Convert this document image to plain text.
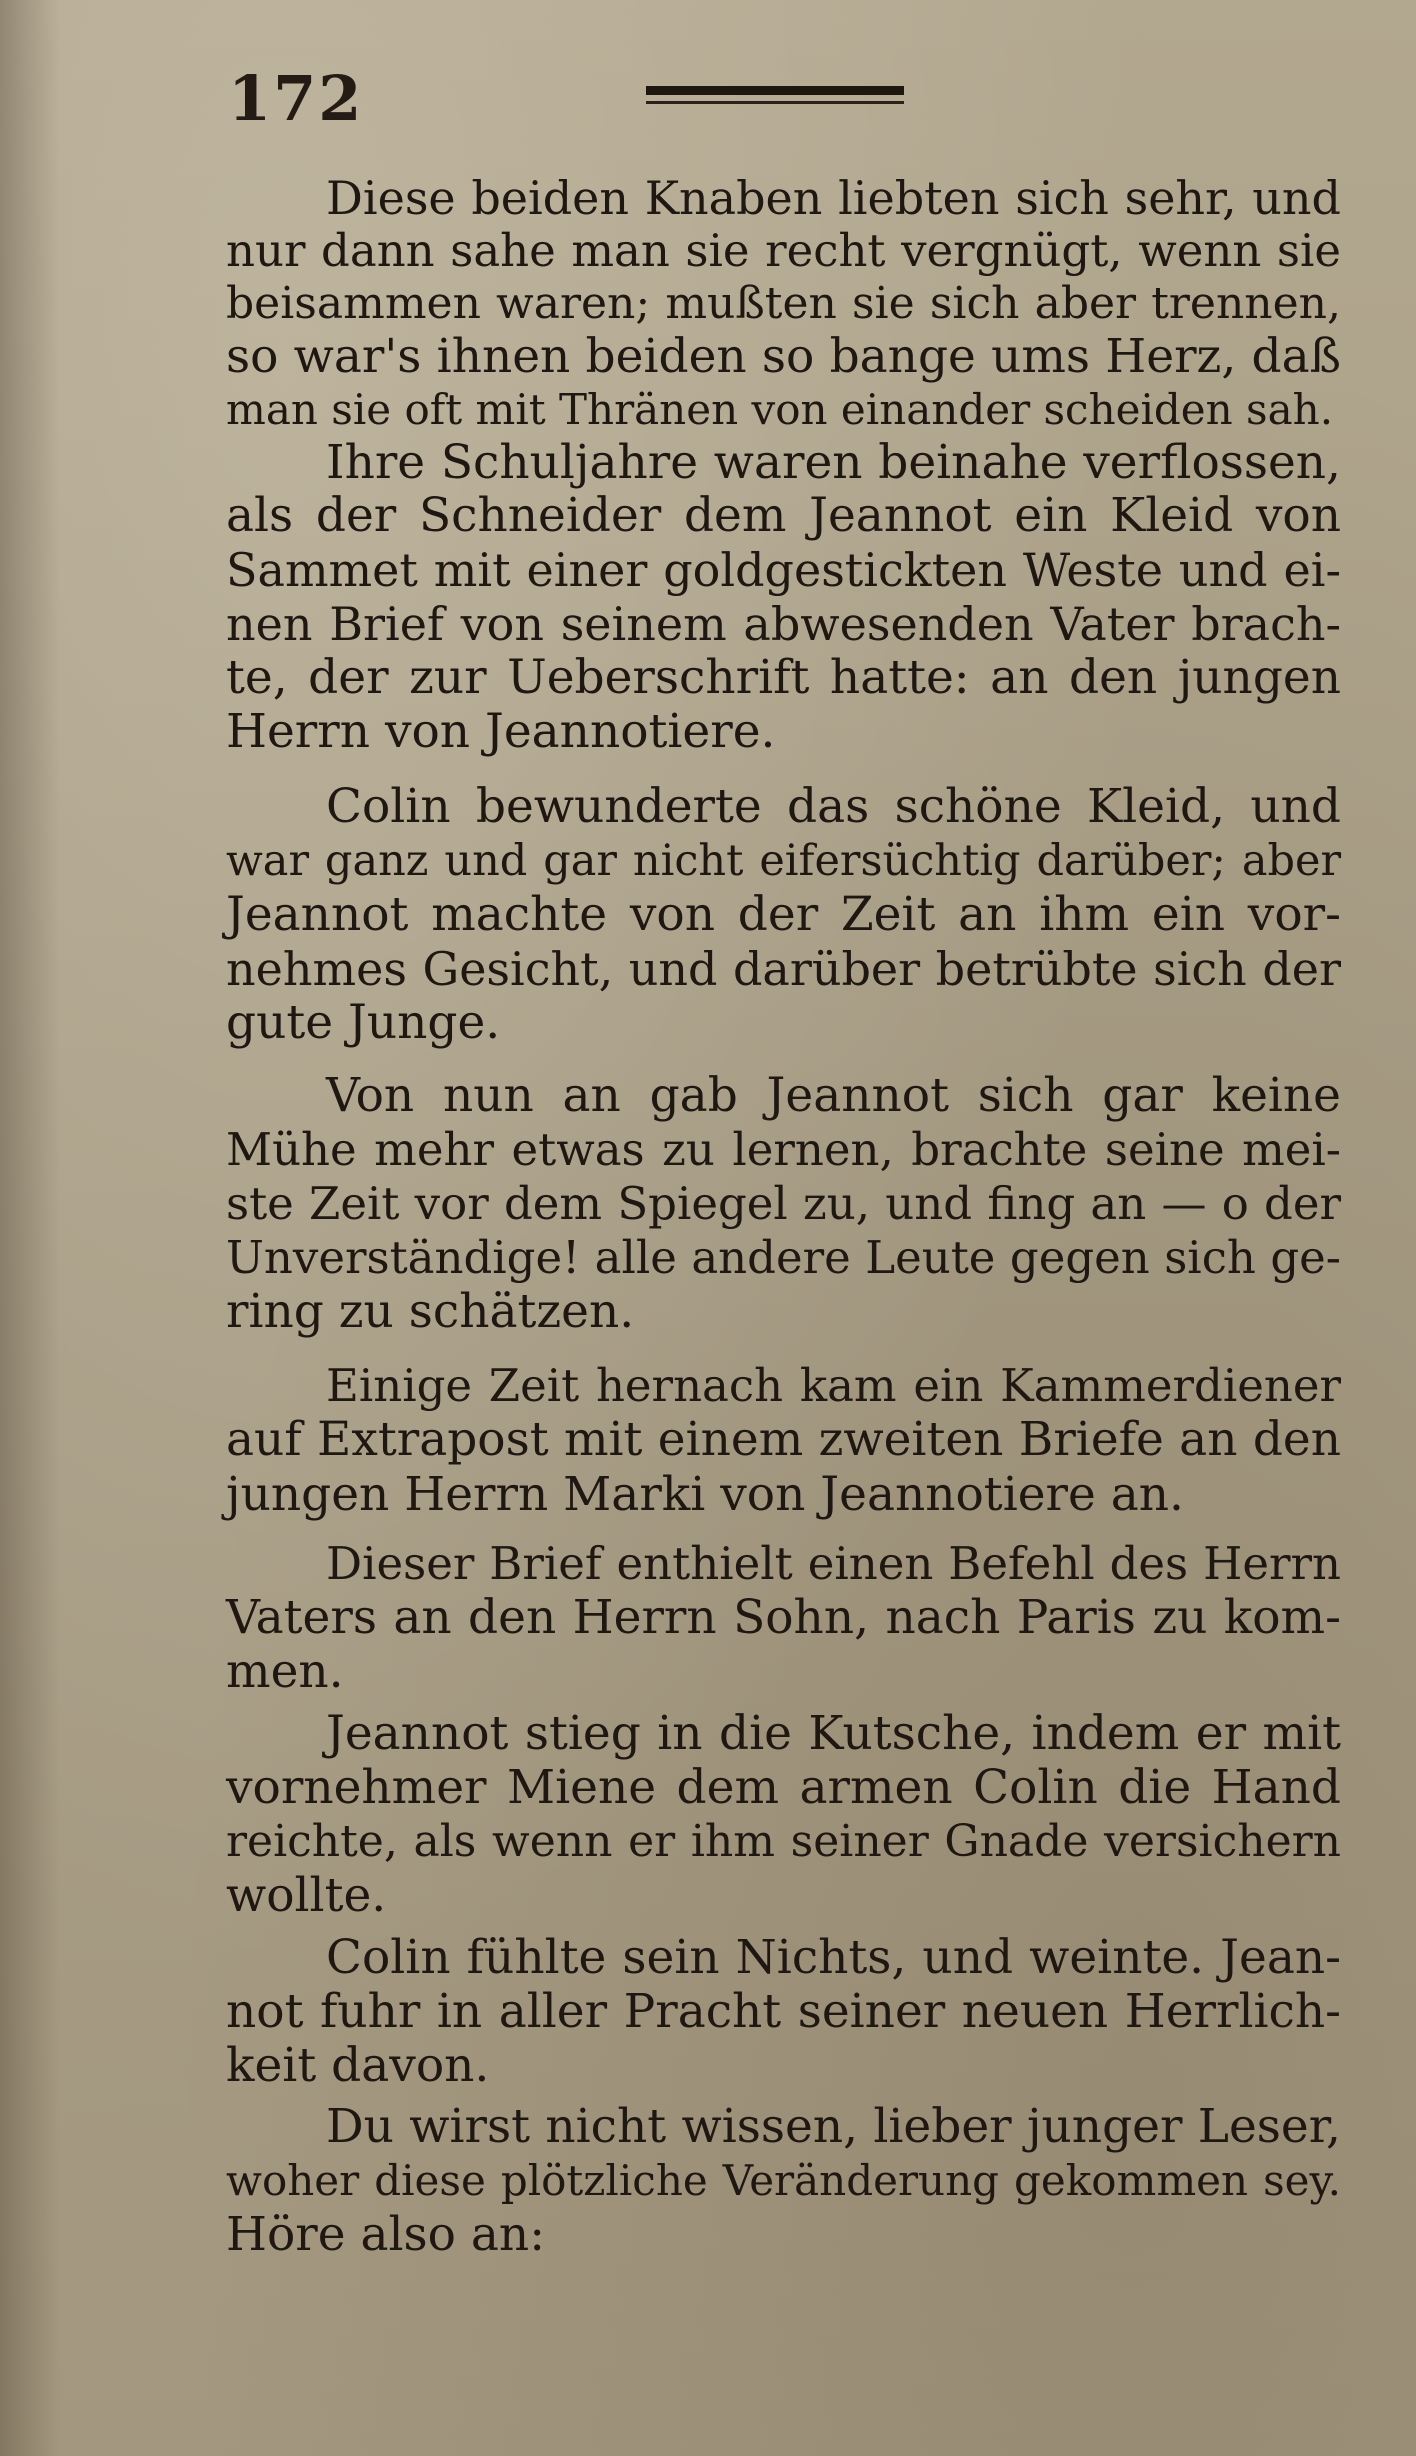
172
Diese beiden Knaben liebten sich sehr, und
nur dann sahe man sie recht vergnügt, wenn sie
beisammen waren; mußten sie sich aber trennen,
so war's ihnen beiden so bange ums Herz, daß
man sie oft mit Thränen von einander scheiden sah.
Ihre Schuljahre waren beinahe verflossen,
als der Schneider dem Jeannot ein Kleid von
Sammet mit einer goldgestickten Weste und ei-
nen Brief von seinem abwesenden Vater brach-
te, der zur Ueberschrift hatte: an den jungen
Herrn von Jeannotiere.
Colin bewunderte das schöne Kleid, und
war ganz und gar nicht eifersüchtig darüber; aber
Jeannot machte von der Zeit an ihm ein vor-
nehmes Gesicht, und darüber betrübte sich der
gute Junge.
Von nun an gab Jeannot sich gar keine
Mühe mehr etwas zu lernen, brachte seine mei-
ste Zeit vor dem Spiegel zu, und fing an — o der
Unverständige! alle andere Leute gegen sich ge-
ring zu schätzen.
Einige Zeit hernach kam ein Kammerdiener
auf Extrapost mit einem zweiten Briefe an den
jungen Herrn Marki von Jeannotiere an.
Dieser Brief enthielt einen Befehl des Herrn
Vaters an den Herrn Sohn, nach Paris zu kom-
men.
Jeannot stieg in die Kutsche, indem er mit
vornehmer Miene dem armen Colin die Hand
reichte, als wenn er ihm seiner Gnade versichern
wollte.
Colin fühlte sein Nichts, und weinte. Jean-
not fuhr in aller Pracht seiner neuen Herrlich-
keit davon.
Du wirst nicht wissen, lieber junger Leser,
woher diese plötzliche Veränderung gekommen sey.
Höre also an:
